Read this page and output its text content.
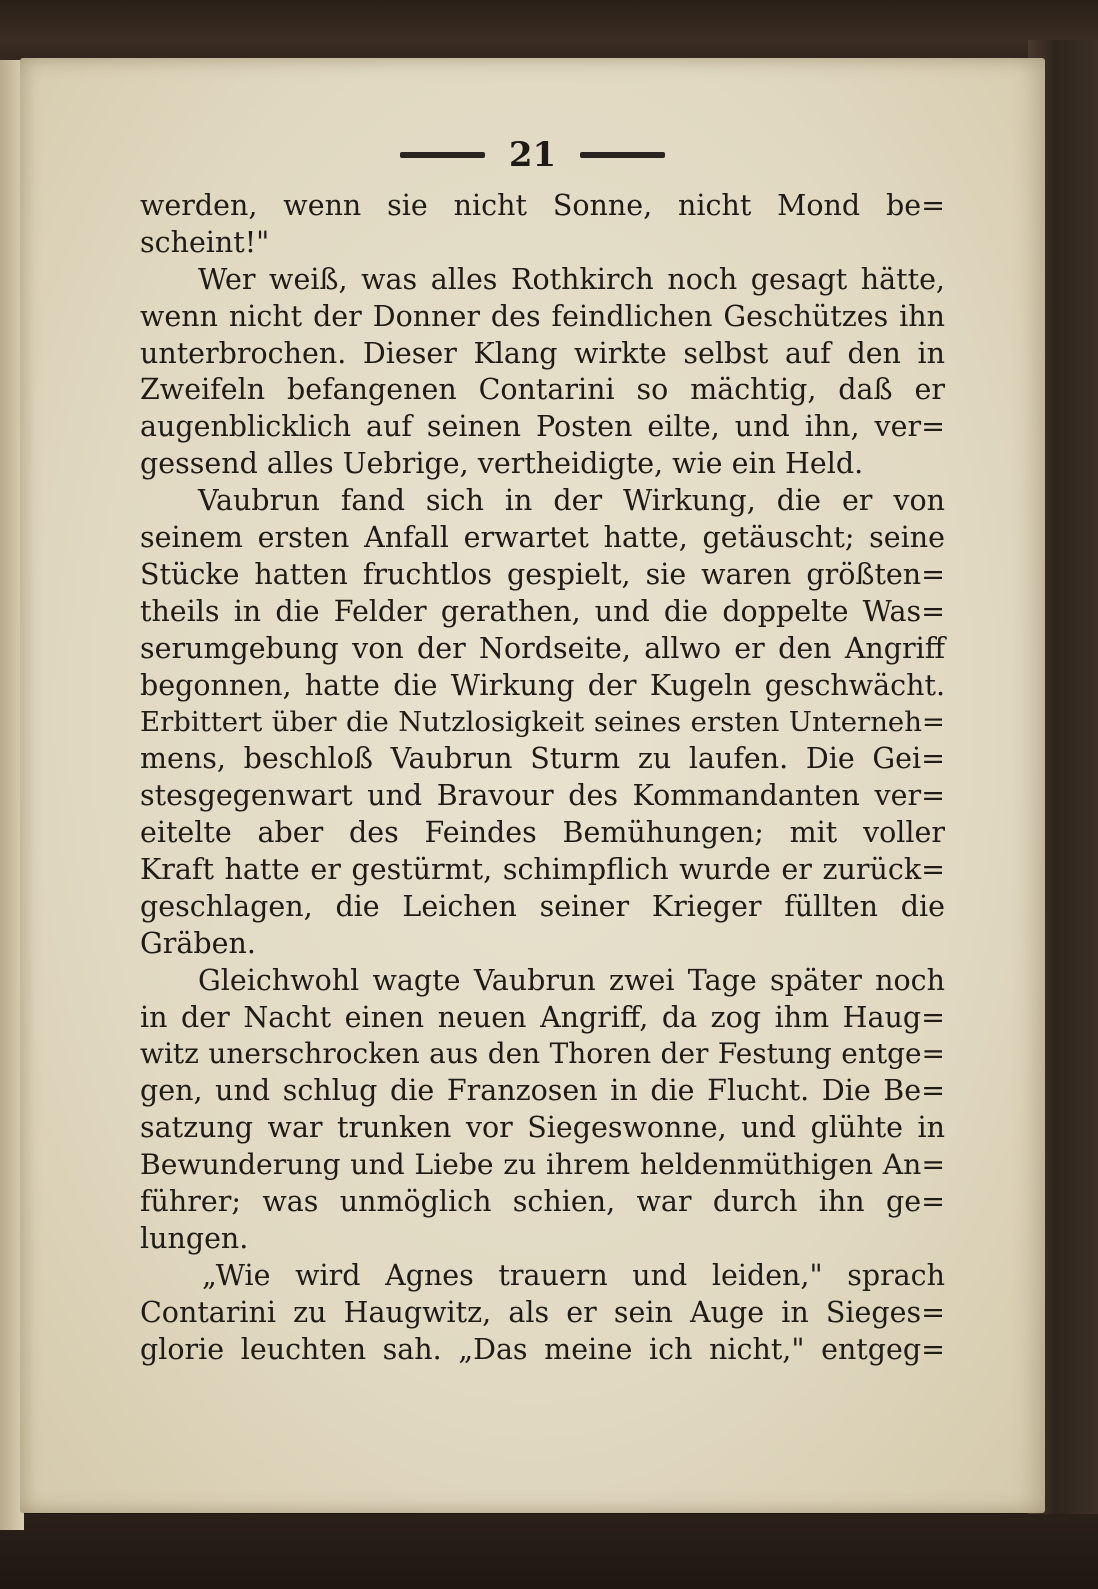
21
werden, wenn sie nicht Sonne, nicht Mond be=
scheint!"
Wer weiß, was alles Rothkirch noch gesagt hätte,
wenn nicht der Donner des feindlichen Geschützes ihn
unterbrochen. Dieser Klang wirkte selbst auf den in
Zweifeln befangenen Contarini so mächtig, daß er
augenblicklich auf seinen Posten eilte, und ihn, ver=
gessend alles Uebrige, vertheidigte, wie ein Held.
Vaubrun fand sich in der Wirkung, die er von
seinem ersten Anfall erwartet hatte, getäuscht; seine
Stücke hatten fruchtlos gespielt, sie waren größten=
theils in die Felder gerathen, und die doppelte Was=
serumgebung von der Nordseite, allwo er den Angriff
begonnen, hatte die Wirkung der Kugeln geschwächt.
Erbittert über die Nutzlosigkeit seines ersten Unterneh=
mens, beschloß Vaubrun Sturm zu laufen. Die Gei=
stesgegenwart und Bravour des Kommandanten ver=
eitelte aber des Feindes Bemühungen; mit voller
Kraft hatte er gestürmt, schimpflich wurde er zurück=
geschlagen, die Leichen seiner Krieger füllten die
Gräben.
Gleichwohl wagte Vaubrun zwei Tage später noch
in der Nacht einen neuen Angriff, da zog ihm Haug=
witz unerschrocken aus den Thoren der Festung entge=
gen, und schlug die Franzosen in die Flucht. Die Be=
satzung war trunken vor Siegeswonne, und glühte in
Bewunderung und Liebe zu ihrem heldenmüthigen An=
führer; was unmöglich schien, war durch ihn ge=
lungen.
„Wie wird Agnes trauern und leiden," sprach
Contarini zu Haugwitz, als er sein Auge in Sieges=
glorie leuchten sah. „Das meine ich nicht," entgeg=
